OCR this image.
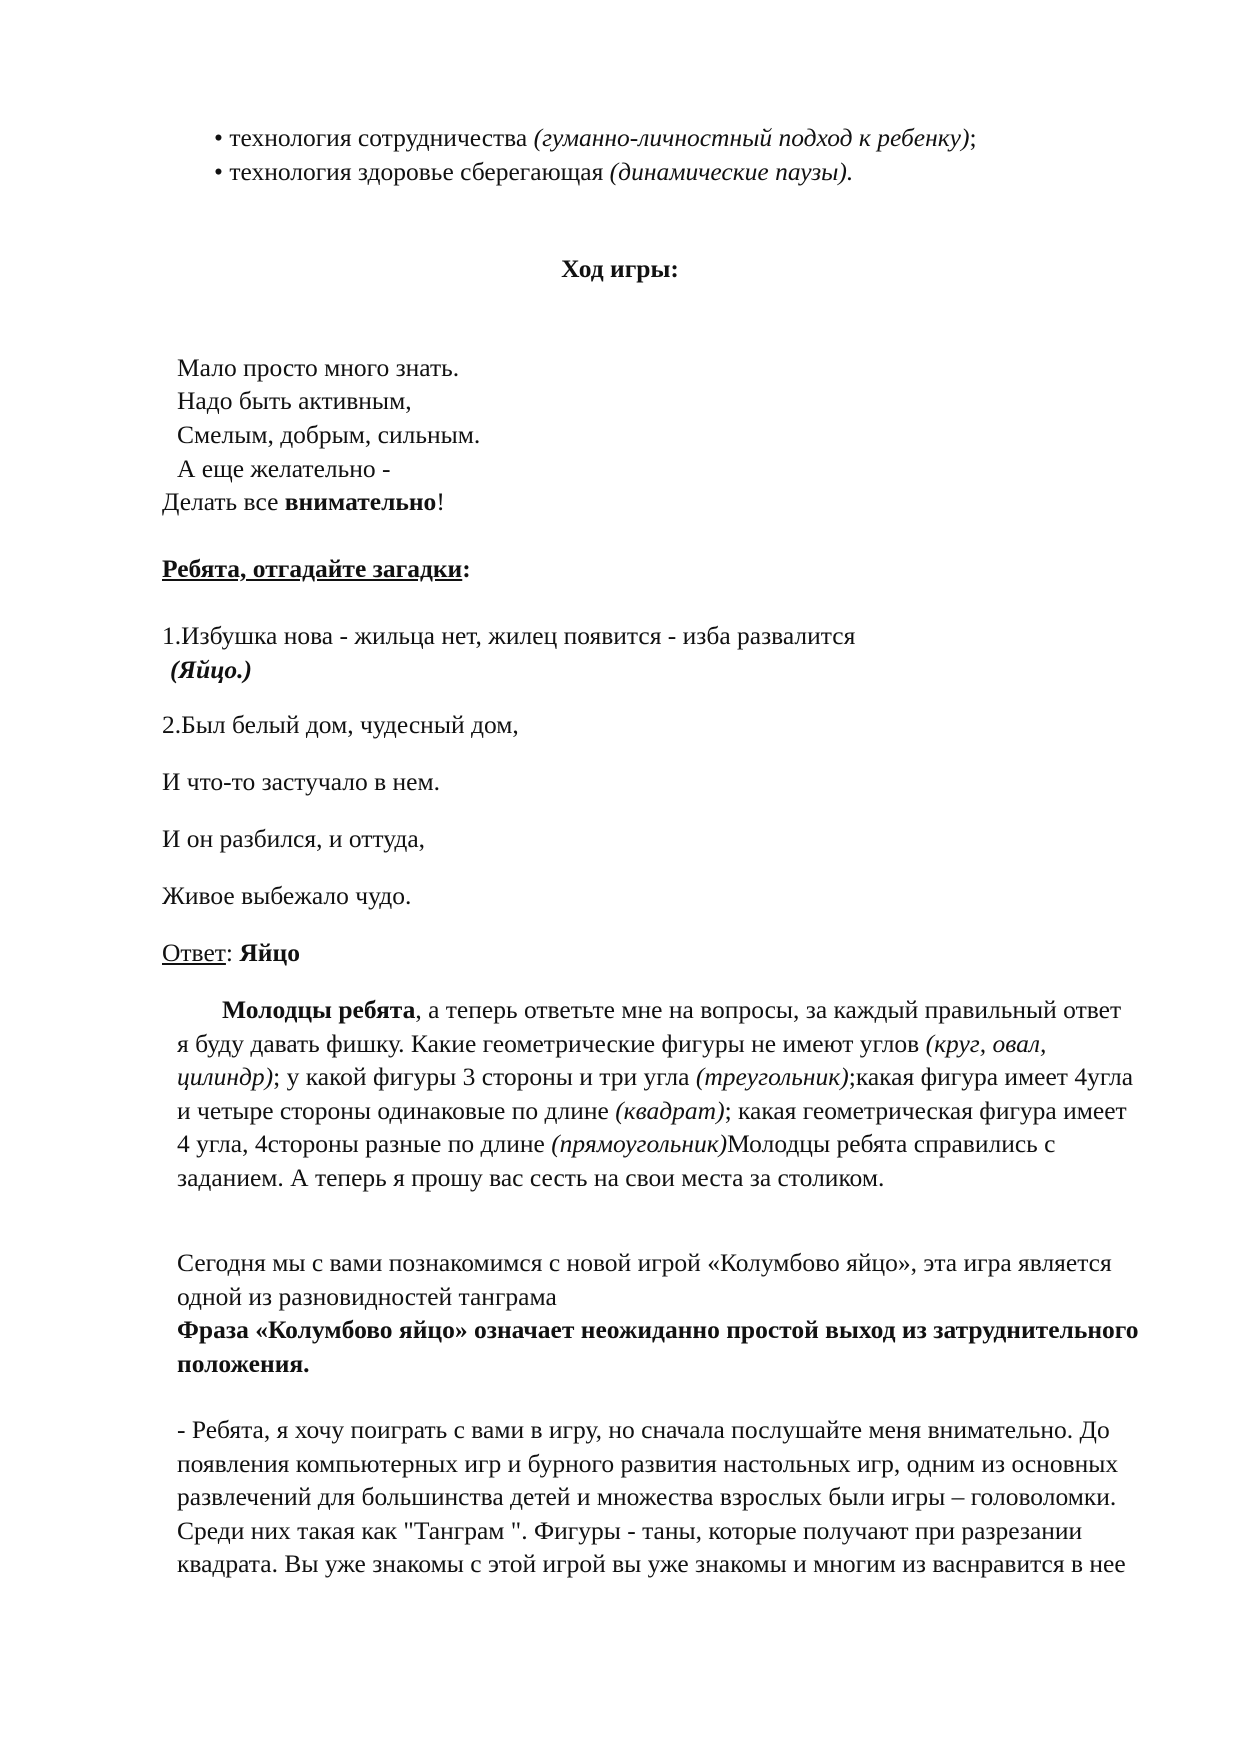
• технология сотрудничества (гуманно-личностный подход к ребенку);
• технология здоровье сберегающая (динамические паузы).
Ход игры:
Мало просто много знать.
Надо быть активным,
Смелым, добрым, сильным.
А еще желательно -
Делать все внимательно!
Ребята, отгадайте загадки:
1.Избушка нова - жильца нет, жилец появится - изба развалится
(Яйцо.)
2.Был белый дом, чудесный дом,
И что-то застучало в нем.
И он разбился, и оттуда,
Живое выбежало чудо.
Ответ: Яйцо

Молодцы ребята, а теперь ответьте мне на вопросы, за каждый правильный ответ я буду давать фишку. Какие геометрические фигуры не имеют углов (круг, овал, цилиндр); у какой фигуры 3 стороны и три угла (треугольник);какая фигура имеет 4угла и четыре стороны одинаковые по длине (квадрат); какая геометрическая фигура имеет 4 угла, 4стороны разные по длине (прямоугольник)Молодцы ребята справились с заданием. А теперь я прошу вас сесть на свои места за столиком.

Сегодня мы с вами познакомимся с новой игрой «Колумбово яйцо», эта игра является одной из разновидностей танграма

Фраза «Колумбово яйцо» означает неожиданно простой выход из затруднительного положения.

- Ребята, я хочу поиграть с вами в игру, но сначала послушайте меня внимательно. До появления компьютерных игр и бурного развития настольных игр, одним из основных развлечений для большинства детей и множества взрослых были игры – головоломки. Среди них такая как "Танграм ". Фигуры - таны, которые получают при разрезании квадрата. Вы уже знакомы с этой игрой вы уже знакомы и многим из васнравится в нее
